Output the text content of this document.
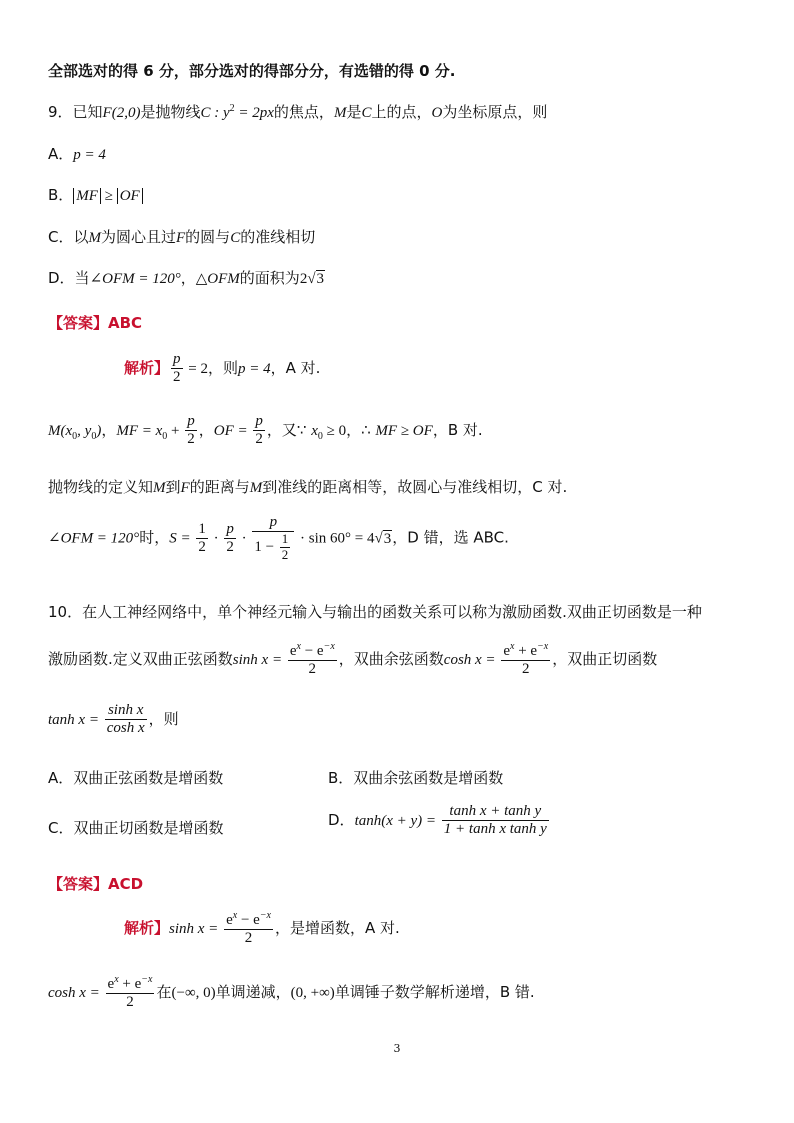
全部选对的得 6 分，部分选对的得部分分，有选错的得 0 分.
9．已知F(2,0)是抛物线C : $y^2 = 2px$的焦点，M是C上的点，O为坐标原点，则
A．p = 4
B． MF ≥ OF
C．以M为圆心且过F的圆与C的准线相切
D．当∠OFM = 120°，△OFM的面积为2√3
【答案】ABC
解析】 $\frac{p}{2} = 2$，则p = 4，A 对.
$M(x_0$, $y_0$)，MF = $x_0 + \frac{p}{2}$ ，OF = $\frac{p}{2}$ ，又∵ $x_0 \ge 0$，∴ MF ≥ OF，B 对.
抛物线的定义知M到F的距离与M到准线的距离相等，故圆心与准线相切，C 对.
∠OFM = 120°时，$S = \frac{1}{2} \cdot \frac{p}{2} \cdot \frac{p}{1 - \frac{1}{2}} \cdot \sin 60^\circ = 4√3$，D 错，选 ABC.
10．在人工神经网络中，单个神经元输入与输出的函数关系可以称为激励函数.双曲正切函数是一种
激励函数.定义双曲正弦函数$\sinh x = \frac{e^x - e^{-x}}{2}$ ，双曲余弦函数$\cosh x = \frac{e^x + e^{-x}}{2}$ ，双曲正切函数
$\tanh x = \frac{\text{sinh x}}{\text{cosh x}}$ ，则
A．双曲正弦函数是增函数	B．双曲余弦函数是增函数
C．双曲正切函数是增函数	D．$\tanh(x + y) = \frac{\text{tanh x + tanh y}}{\text{1 + tanh x tanh y}}$
【答案】ACD
解析】$\sinh x = \frac{e^x - e^{-x}}{2}$ ，是增函数，A 对.
$\cosh x = \frac{e^x + e^{-x}}{2}$ 在(−∞, 0)单调递减，(0, +∞)单调锤子数学解析递增，B 错.
3
